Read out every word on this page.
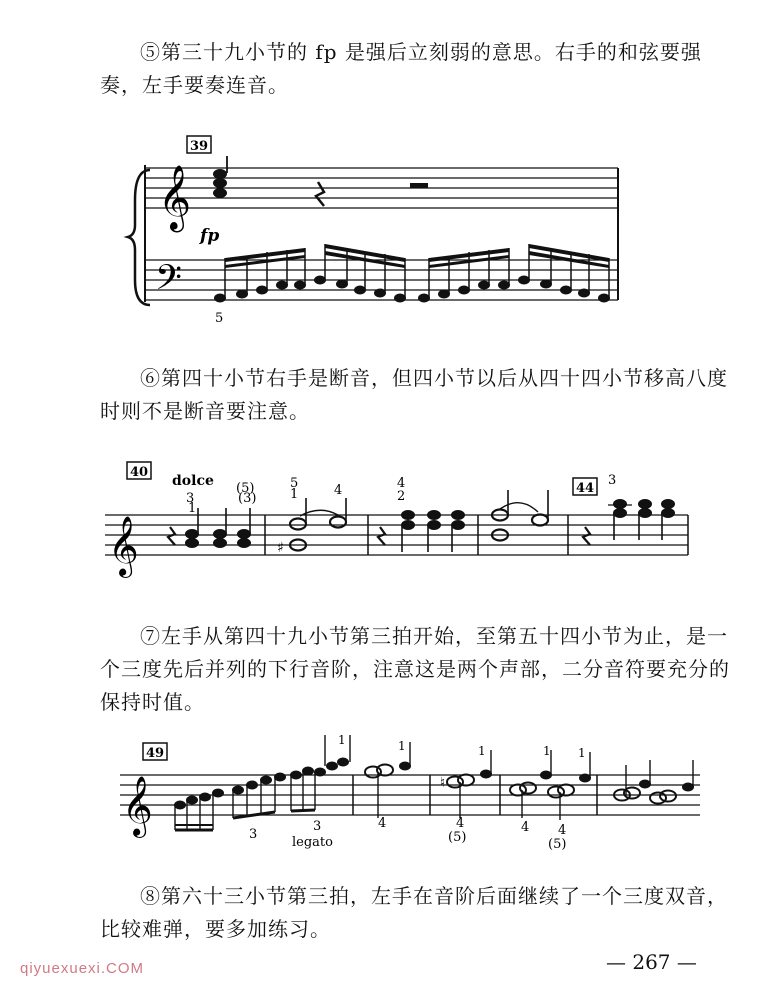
⑤第三十九小节的 fp 是强后立刻弱的意思。右手的和弦要强奏，左手要奏连音。

39
𝄞
𝄢
fp
5

⑥第四十小节右手是断音，但四小节以后从四十四小节移高八度时则不是断音要注意。

40
dolce
𝄞
3
1
(5)
(3)
♯
5
1	4	4
2
44
3

⑦左手从第四十九小节第三拍开始，至第五十四小节为止，是一个三度先后并列的下行音阶，注意这是两个声部，二分音符要充分的保持时值。

49
𝄞	3
3
legato
1	1
4
♮
1
4
(5)
1 1
4 4
(5)

⑧第六十三小节第三拍，左手在音阶后面继续了一个三度双音，比较难弹，要多加练习。

— 267 —
qiyuexuexi.COM
